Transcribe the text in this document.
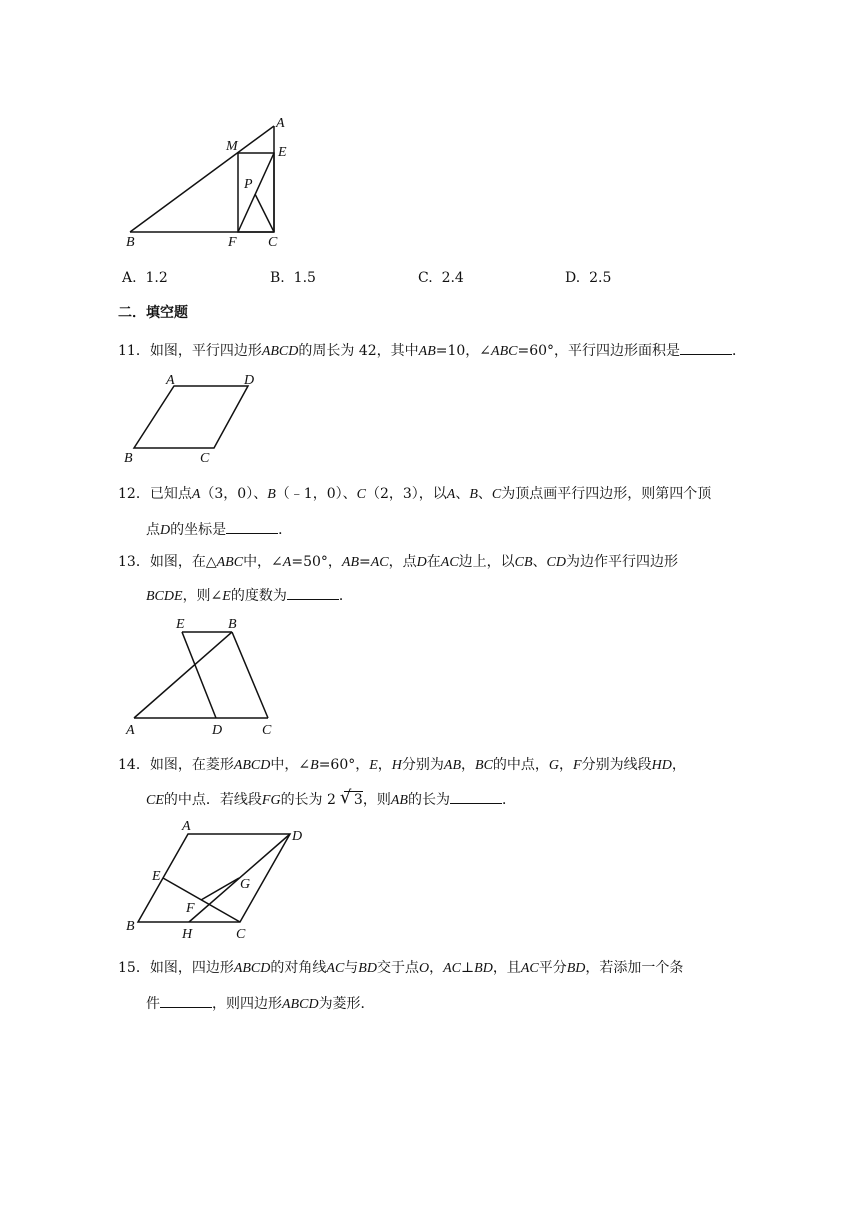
A
M	E
P
B	F C
A. 1.2	B. 1.5	C. 2.4	D. 2.5
二．填空题
11．如图，平行四边形ABCD的周长为 42，其中AB=10，∠ABC=60°，平行四边形面积是	．
A	D
B	C
12．已知点A（3，0）、B（﹣1，0）、C（2，3），以A、B、C为顶点画平行四边形，则第四个顶
点D的坐标是	．
13．如图，在△ABC中，∠A=50°，AB=AC，点D在AC边上，以CB、CD为边作平行四边形
BCDE，则∠E的度数为	．
E	B
A	D	C
14．如图，在菱形ABCD中，∠B=60°，E，H分别为AB，BC的中点，G，F分别为线段HD，
CE的中点．若线段FG的长为 2√ 3，则AB的长为	．
A
D
E
G
F
B
H	C
15．如图，四边形ABCD的对角线AC与BD交于点O，AC⊥BD，且AC平分BD，若添加一个条
件	，则四边形ABCD为菱形．
